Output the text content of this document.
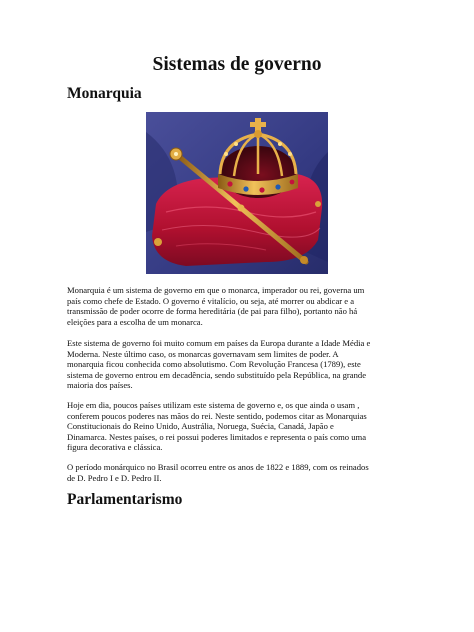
Sistemas de governo
Monarquia

Monarquia é um sistema de governo em que o monarca, imperador ou rei, governa um
país como chefe de Estado. O governo é vitalício, ou seja, até morrer ou abdicar e a
transmissão de poder ocorre de forma hereditária (de pai para filho), portanto não há
eleições para a escolha de um monarca.

Este sistema de governo foi muito comum em países da Europa durante a Idade Média e
Moderna. Neste último caso, os monarcas governavam sem limites de poder. A
monarquia ficou conhecida como absolutismo. Com Revolução Francesa (1789), este
sistema de governo entrou em decadência, sendo substituído pela República, na grande
maioria dos países.

Hoje em dia, poucos países utilizam este sistema de governo e, os que ainda o usam ,
conferem poucos poderes nas mãos do rei. Neste sentido, podemos citar as Monarquias
Constitucionais do Reino Unido, Austrália, Noruega, Suécia, Canadá, Japão e
Dinamarca. Nestes países, o rei possui poderes limitados e representa o país como uma
figura decorativa e clássica.

O período monárquico no Brasil ocorreu entre os anos de 1822 e 1889, com os reinados
de D. Pedro I e D. Pedro II.

Parlamentarismo
